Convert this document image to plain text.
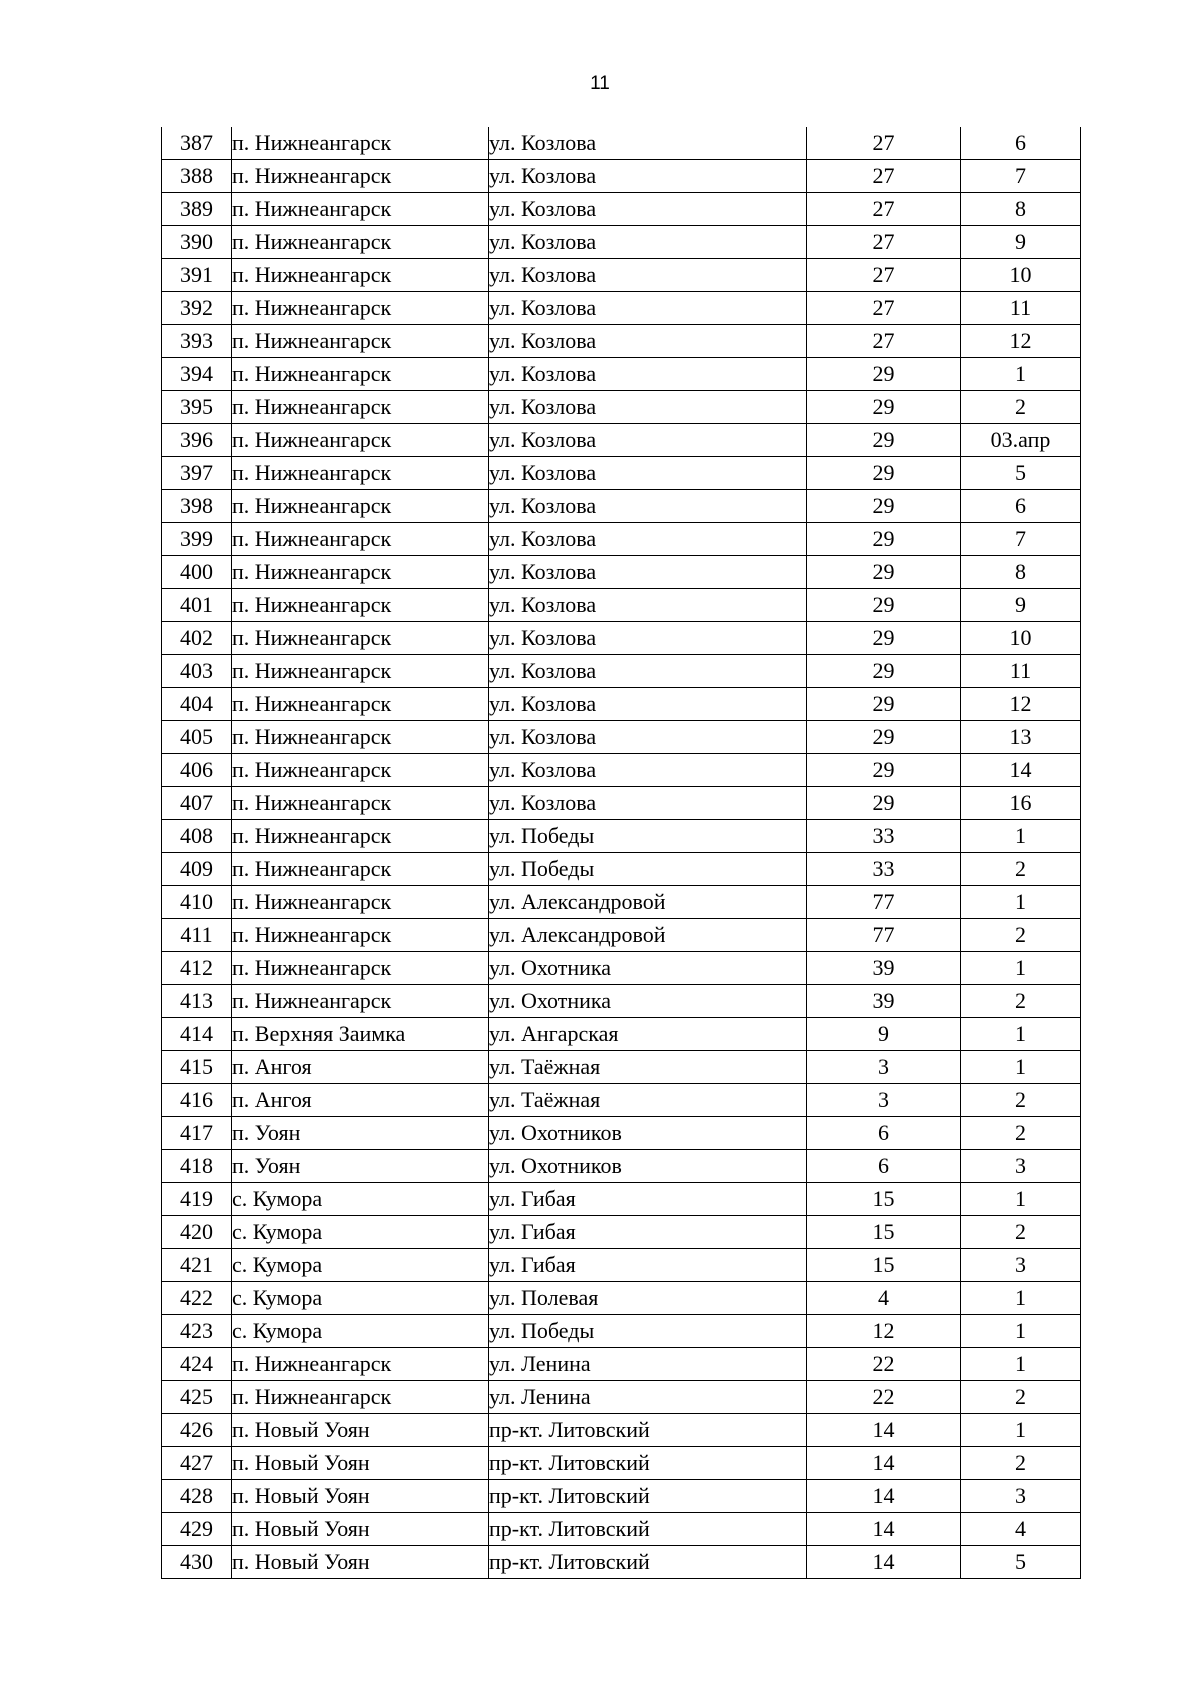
11
387	п. Нижнеангарск	ул. Козлова	27	6
388	п. Нижнеангарск	ул. Козлова	27	7
389	п. Нижнеангарск	ул. Козлова	27	8
390	п. Нижнеангарск	ул. Козлова	27	9
391	п. Нижнеангарск	ул. Козлова	27	10
392	п. Нижнеангарск	ул. Козлова	27	11
393	п. Нижнеангарск	ул. Козлова	27	12
394	п. Нижнеангарск	ул. Козлова	29	1
395	п. Нижнеангарск	ул. Козлова	29	2
396	п. Нижнеангарск	ул. Козлова	29	03.апр
397	п. Нижнеангарск	ул. Козлова	29	5
398	п. Нижнеангарск	ул. Козлова	29	6
399	п. Нижнеангарск	ул. Козлова	29	7
400	п. Нижнеангарск	ул. Козлова	29	8
401	п. Нижнеангарск	ул. Козлова	29	9
402	п. Нижнеангарск	ул. Козлова	29	10
403	п. Нижнеангарск	ул. Козлова	29	11
404	п. Нижнеангарск	ул. Козлова	29	12
405	п. Нижнеангарск	ул. Козлова	29	13
406	п. Нижнеангарск	ул. Козлова	29	14
407	п. Нижнеангарск	ул. Козлова	29	16
408	п. Нижнеангарск	ул. Победы	33	1
409	п. Нижнеангарск	ул. Победы	33	2
410	п. Нижнеангарск	ул. Александровой	77	1
411	п. Нижнеангарск	ул. Александровой	77	2
412	п. Нижнеангарск	ул. Охотника	39	1
413	п. Нижнеангарск	ул. Охотника	39	2
414	п. Верхняя Заимка	ул. Ангарская	9	1
415	п. Ангоя	ул. Таёжная	3	1
416	п. Ангоя	ул. Таёжная	3	2
417	п. Уоян	ул. Охотников	6	2
418	п. Уоян	ул. Охотников	6	3
419	с. Кумора	ул. Гибая	15	1
420	с. Кумора	ул. Гибая	15	2
421	с. Кумора	ул. Гибая	15	3
422	с. Кумора	ул. Полевая	4	1
423	с. Кумора	ул. Победы	12	1
424	п. Нижнеангарск	ул. Ленина	22	1
425	п. Нижнеангарск	ул. Ленина	22	2
426	п. Новый Уоян	пр-кт. Литовский	14	1
427	п. Новый Уоян	пр-кт. Литовский	14	2
428	п. Новый Уоян	пр-кт. Литовский	14	3
429	п. Новый Уоян	пр-кт. Литовский	14	4
430	п. Новый Уоян	пр-кт. Литовский	14	5
